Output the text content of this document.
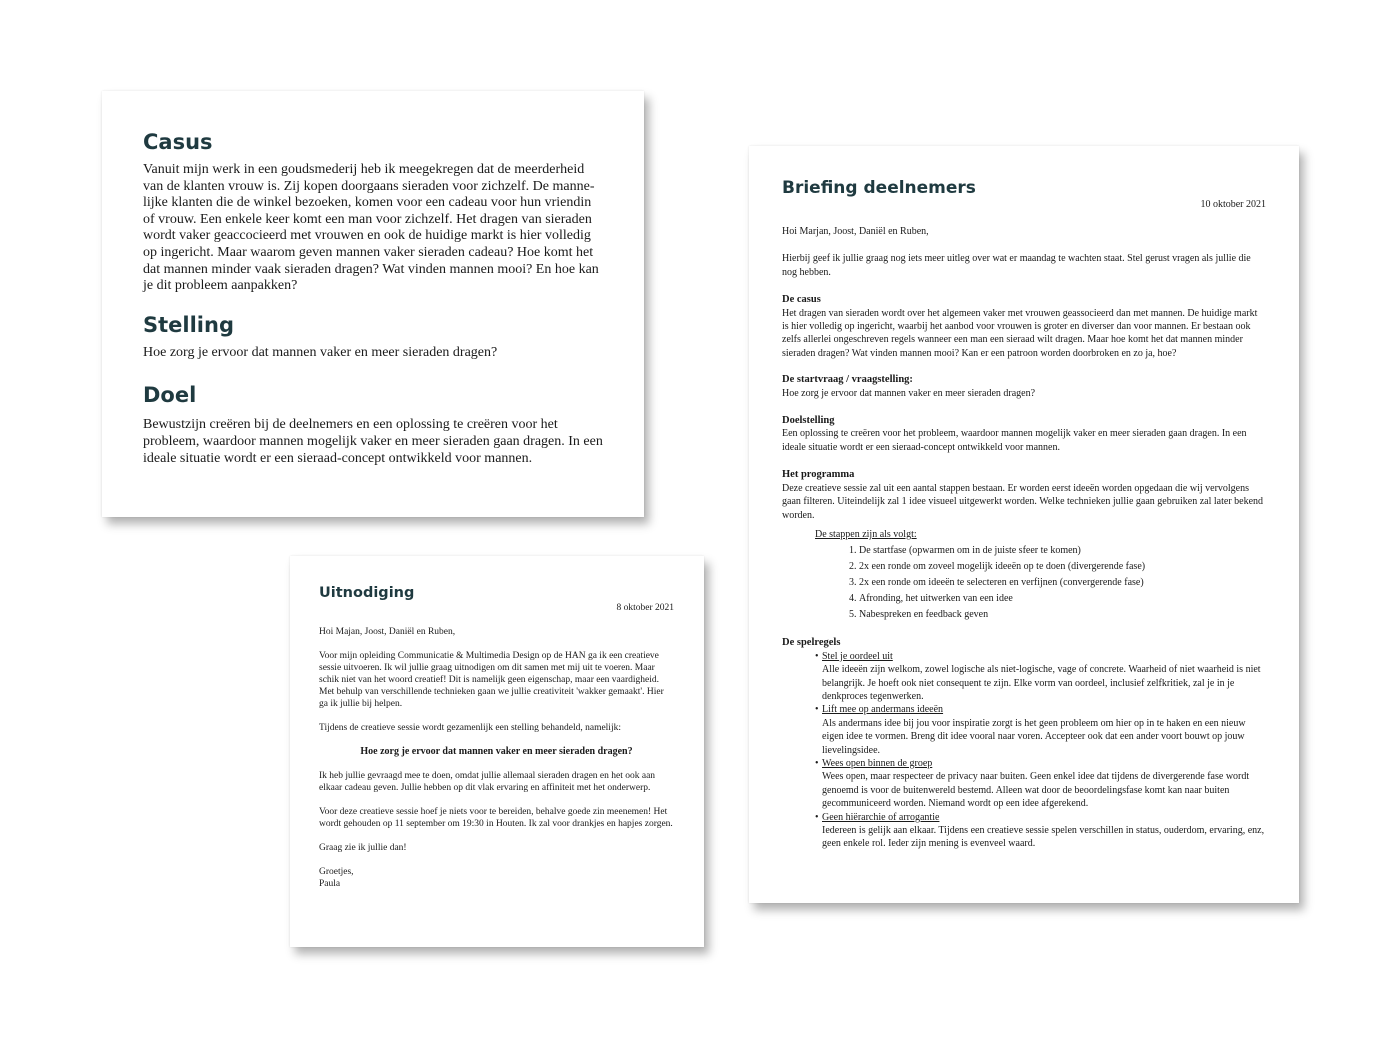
Casus

Vanuit mijn werk in een goudsmederij heb ik meegekregen dat de meerderheid van de klanten vrouw is. Zij kopen doorgaans sieraden voor zichzelf. De manne-lijke klanten die de winkel bezoeken, komen voor een cadeau voor hun vriendin of vrouw. Een enkele keer komt een man voor zichzelf. Het dragen van sieraden wordt vaker geaccocieerd met vrouwen en ook de huidige markt is hier volledig op ingericht. Maar waarom geven mannen vaker sieraden cadeau? Hoe komt het dat mannen minder vaak sieraden dragen? Wat vinden mannen mooi? En hoe kan je dit probleem aanpakken?

Stelling

Hoe zorg je ervoor dat mannen vaker en meer sieraden dragen?

Doel

Bewustzijn creëren bij de deelnemers en een oplossing te creëren voor het probleem, waardoor mannen mogelijk vaker en meer sieraden gaan dragen. In een ideale situatie wordt er een sieraad-concept ontwikkeld voor mannen.

Uitnodiging
8 oktober 2021

Hoi Majan, Joost, Daniël en Ruben,

Voor mijn opleiding Communicatie & Multimedia Design op de HAN ga ik een creatieve sessie uitvoeren. Ik wil jullie graag uitnodigen om dit samen met mij uit te voeren. Maar schik niet van het woord creatief! Dit is namelijk geen eigenschap, maar een vaardigheid. Met behulp van verschillende technieken gaan we jullie creativiteit 'wakker gemaakt'. Hier ga ik jullie bij helpen.

Tijdens de creatieve sessie wordt gezamenlijk een stelling behandeld, namelijk:

Hoe zorg je ervoor dat mannen vaker en meer sieraden dragen?

Ik heb jullie gevraagd mee te doen, omdat jullie allemaal sieraden dragen en het ook aan elkaar cadeau geven. Jullie hebben op dit vlak ervaring en affiniteit met het onderwerp.

Voor deze creatieve sessie hoef je niets voor te bereiden, behalve goede zin meenemen! Het wordt gehouden op 11 september om 19:30 in Houten. Ik zal voor drankjes en hapjes zorgen.

Graag zie ik jullie dan!

Groetjes,

Paula

Briefing deelnemers
10 oktober 2021

Hoi Marjan, Joost, Daniël en Ruben,

Hierbij geef ik jullie graag nog iets meer uitleg over wat er maandag te wachten staat. Stel gerust vragen als jullie die nog hebben.

De casus

Het dragen van sieraden wordt over het algemeen vaker met vrouwen geassocieerd dan met mannen. De huidige markt is hier volledig op ingericht, waarbij het aanbod voor vrouwen is groter en diverser dan voor mannen. Er bestaan ook zelfs allerlei ongeschreven regels wanneer een man een sieraad wilt dragen. Maar hoe komt het dat mannen minder sieraden dragen? Wat vinden mannen mooi? Kan er een patroon worden doorbroken en zo ja, hoe?

De startvraag / vraagstelling:

Hoe zorg je ervoor dat mannen vaker en meer sieraden dragen?

Doelstelling

Een oplossing te creëren voor het probleem, waardoor mannen mogelijk vaker en meer sieraden gaan dragen. In een ideale situatie wordt er een sieraad-concept ontwikkeld voor mannen.

Het programma

Deze creatieve sessie zal uit een aantal stappen bestaan. Er worden eerst ideeën worden opgedaan die wij vervolgens gaan filteren. Uiteindelijk zal 1 idee visueel uitgewerkt worden. Welke technieken jullie gaan gebruiken zal later bekend worden.

De stappen zijn als volgt:
1. De startfase (opwarmen om in de juiste sfeer te komen)
2. 2x een ronde om zoveel mogelijk ideeën op te doen (divergerende fase)
3. 2x een ronde om ideeën te selecteren en verfijnen (convergerende fase)
4. Afronding, het uitwerken van een idee
5. Nabespreken en feedback geven
De spelregels
• Stel je oordeel uit

Alle ideeën zijn welkom, zowel logische als niet-logische, vage of concrete. Waarheid of niet waarheid is niet belangrijk. Je hoeft ook niet consequent te zijn. Elke vorm van oordeel, inclusief zelfkritiek, zal je in je denkproces tegenwerken.

• Lift mee op andermans ideeën

Als andermans idee bij jou voor inspiratie zorgt is het geen probleem om hier op in te haken en een nieuw eigen idee te vormen. Breng dit idee vooral naar voren. Accepteer ook dat een ander voort bouwt op jouw lievelingsidee.

• Wees open binnen de groep

Wees open, maar respecteer de privacy naar buiten. Geen enkel idee dat tijdens de divergerende fase wordt genoemd is voor de buitenwereld bestemd. Alleen wat door de beoordelingsfase komt kan naar buiten gecommuniceerd worden. Niemand wordt op een idee afgerekend.

• Geen hiërarchie of arrogantie

Iedereen is gelijk aan elkaar. Tijdens een creatieve sessie spelen verschillen in status, ouderdom, ervaring, enz, geen enkele rol. Ieder zijn mening is evenveel waard.
